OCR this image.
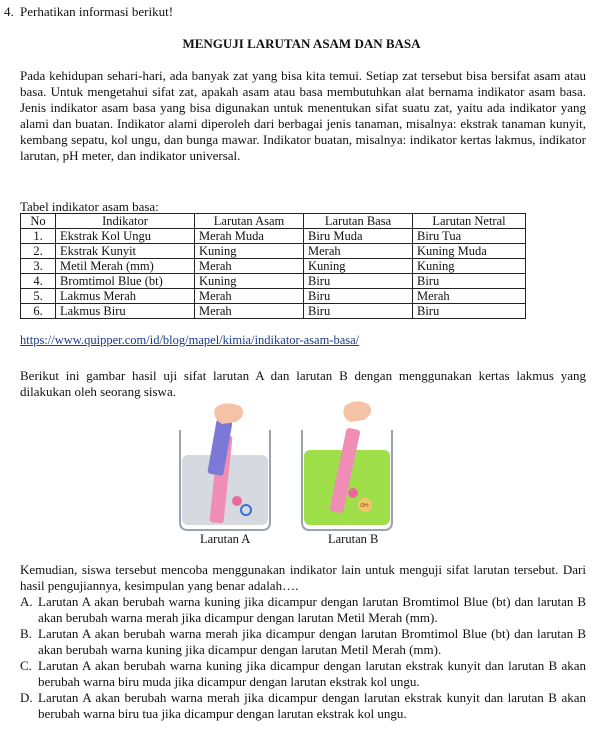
4. Perhatikan informasi berikut!
MENGUJI LARUTAN ASAM DAN BASA
Pada kehidupan sehari-hari, ada banyak zat yang bisa kita temui. Setiap zat tersebut bisa bersifat asam atau basa. Untuk mengetahui sifat zat, apakah asam atau basa membutuhkan alat bernama indikator asam basa. Jenis indikator asam basa yang bisa digunakan untuk menentukan sifat suatu zat, yaitu ada indikator yang alami dan buatan. Indikator alami diperoleh dari berbagai jenis tanaman, misalnya: ekstrak tanaman kunyit, kembang sepatu, kol ungu, dan bunga mawar. Indikator buatan, misalnya: indikator kertas lakmus, indikator larutan, pH meter, dan indikator universal.
Tabel indikator asam basa:
No	Indikator	Larutan Asam	Larutan Basa	Larutan Netral
1.	Ekstrak Kol Ungu	Merah Muda	Biru Muda	Biru Tua
2.	Ekstrak Kunyit	Kuning	Merah	Kuning Muda
3.	Metil Merah (mm)	Merah	Kuning	Kuning
4.	Bromtimol Blue (bt)	Kuning	Biru	Biru
5.	Lakmus Merah	Merah	Biru	Merah
6.	Lakmus Biru	Merah	Biru	Biru
https://www.quipper.com/id/blog/mapel/kimia/indikator-asam-basa/
Berikut ini gambar hasil uji sifat larutan A dan larutan B dengan menggunakan kertas lakmus yang dilakukan oleh seorang siswa.
OH-
Larutan A	Larutan B
Kemudian, siswa tersebut mencoba menggunakan indikator lain untuk menguji sifat larutan tersebut. Dari hasil pengujiannya, kesimpulan yang benar adalah….
A. Larutan A akan berubah warna kuning jika dicampur dengan larutan Bromtimol Blue (bt) dan larutan B akan berubah warna merah jika dicampur dengan larutan Metil Merah (mm).
B. Larutan A akan berubah warna merah jika dicampur dengan larutan Bromtimol Blue (bt) dan larutan B akan berubah warna kuning jika dicampur dengan larutan Metil Merah (mm).
C. Larutan A akan berubah warna kuning jika dicampur dengan larutan ekstrak kunyit dan larutan B akan berubah warna biru muda jika dicampur dengan larutan ekstrak kol ungu.
D. Larutan A akan berubah warna merah jika dicampur dengan larutan ekstrak kunyit dan larutan B akan berubah warna biru tua jika dicampur dengan larutan ekstrak kol ungu.
